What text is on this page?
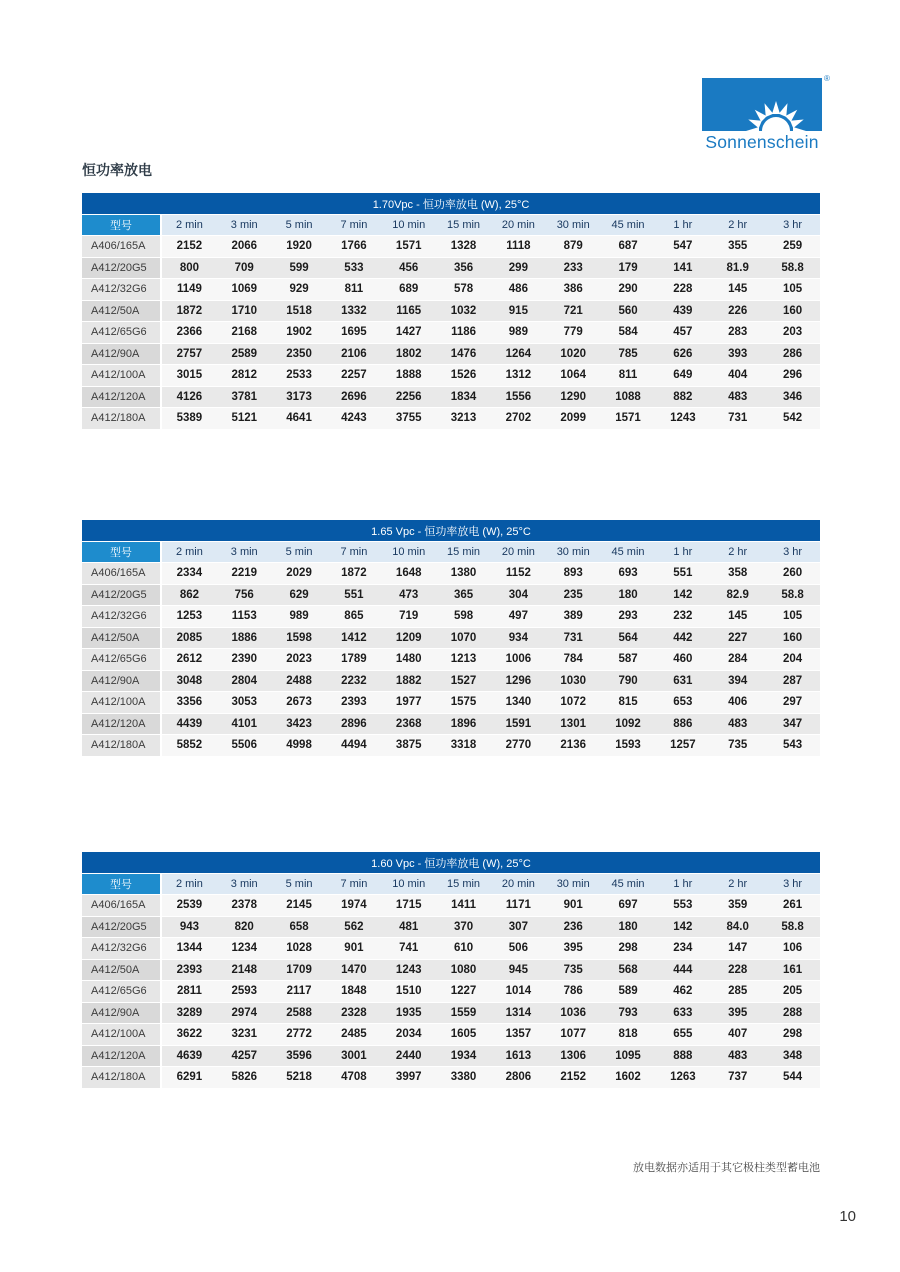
®
Sonnenschein
恒功率放电
1.70Vpc - 恒功率放电 (W), 25°C												
型号	2 min	3 min	5 min	7 min	10 min	15 min	20 min	30 min	45 min	1 hr	2 hr	3 hr
A406/165A	2152	2066	1920	1766	1571	1328	1118	879	687	547	355	259
A412/20G5	800	709	599	533	456	356	299	233	179	141	81.9	58.8
A412/32G6	1149	1069	929	811	689	578	486	386	290	228	145	105
A412/50A	1872	1710	1518	1332	1165	1032	915	721	560	439	226	160
A412/65G6	2366	2168	1902	1695	1427	1186	989	779	584	457	283	203
A412/90A	2757	2589	2350	2106	1802	1476	1264	1020	785	626	393	286
A412/100A	3015	2812	2533	2257	1888	1526	1312	1064	811	649	404	296
A412/120A	4126	3781	3173	2696	2256	1834	1556	1290	1088	882	483	346
A412/180A	5389	5121	4641	4243	3755	3213	2702	2099	1571	1243	731	542
1.65 Vpc - 恒功率放电 (W), 25°C												
型号	2 min	3 min	5 min	7 min	10 min	15 min	20 min	30 min	45 min	1 hr	2 hr	3 hr
A406/165A	2334	2219	2029	1872	1648	1380	1152	893	693	551	358	260
A412/20G5	862	756	629	551	473	365	304	235	180	142	82.9	58.8
A412/32G6	1253	1153	989	865	719	598	497	389	293	232	145	105
A412/50A	2085	1886	1598	1412	1209	1070	934	731	564	442	227	160
A412/65G6	2612	2390	2023	1789	1480	1213	1006	784	587	460	284	204
A412/90A	3048	2804	2488	2232	1882	1527	1296	1030	790	631	394	287
A412/100A	3356	3053	2673	2393	1977	1575	1340	1072	815	653	406	297
A412/120A	4439	4101	3423	2896	2368	1896	1591	1301	1092	886	483	347
A412/180A	5852	5506	4998	4494	3875	3318	2770	2136	1593	1257	735	543
1.60 Vpc - 恒功率放电 (W), 25°C												
型号	2 min	3 min	5 min	7 min	10 min	15 min	20 min	30 min	45 min	1 hr	2 hr	3 hr
A406/165A	2539	2378	2145	1974	1715	1411	1171	901	697	553	359	261
A412/20G5	943	820	658	562	481	370	307	236	180	142	84.0	58.8
A412/32G6	1344	1234	1028	901	741	610	506	395	298	234	147	106
A412/50A	2393	2148	1709	1470	1243	1080	945	735	568	444	228	161
A412/65G6	2811	2593	2117	1848	1510	1227	1014	786	589	462	285	205
A412/90A	3289	2974	2588	2328	1935	1559	1314	1036	793	633	395	288
A412/100A	3622	3231	2772	2485	2034	1605	1357	1077	818	655	407	298
A412/120A	4639	4257	3596	3001	2440	1934	1613	1306	1095	888	483	348
A412/180A	6291	5826	5218	4708	3997	3380	2806	2152	1602	1263	737	544
放电数据亦适用于其它极柱类型蓄电池
10
